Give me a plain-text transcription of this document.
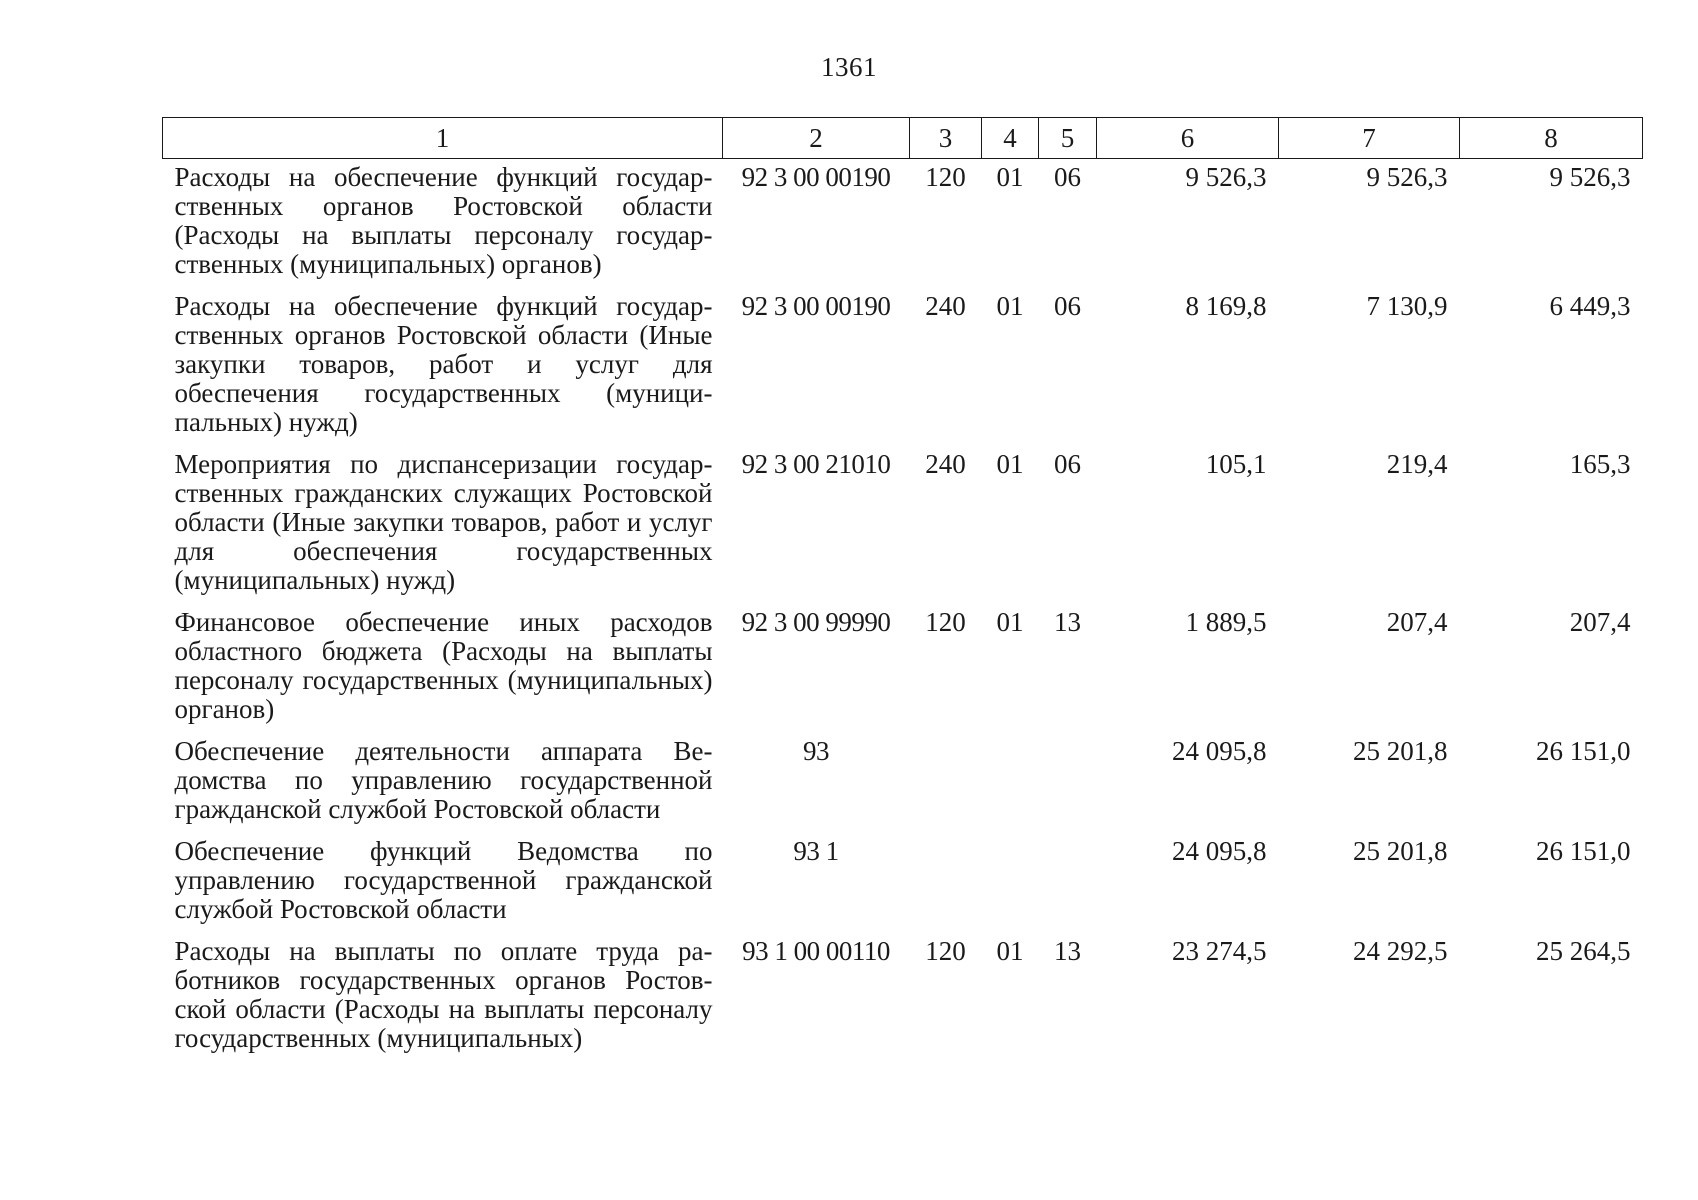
1361
1	2	3	4	5	6	7	8
Расходы на обеспечение функций государственных органов Ростовской области (Расходы на выплаты персоналу государственных (муниципальных) органов)	92 3 00 00190	120	01	06	9 526,3	9 526,3	9 526,3
Расходы на обеспечение функций государственных органов Ростовской области (Иные закупки товаров, работ и услуг для обеспечения государственных (муниципальных) нужд)	92 3 00 00190	240	01	06	8 169,8	7 130,9	6 449,3
Мероприятия по диспансеризации государственных гражданских служащих Ростовской области (Иные закупки товаров, работ и услуг для обеспечения государственных (муниципальных) нужд)	92 3 00 21010	240	01	06	105,1	219,4	165,3
Финансовое обеспечение иных расходов областного бюджета (Расходы на выплаты персоналу государственных (муниципальных) органов)	92 3 00 99990	120	01	13	1 889,5	207,4	207,4
Обеспечение деятельности аппарата Ведомства по управлению государственной гражданской службой Ростовской области	93				24 095,8	25 201,8	26 151,0
Обеспечение функций Ведомства по управлению государственной гражданской службой Ростовской области	93 1				24 095,8	25 201,8	26 151,0
Расходы на выплаты по оплате труда работников государственных органов Ростовской области (Расходы на выплаты персоналу государственных (муниципальных)	93 1 00 00110	120	01	13	23 274,5	24 292,5	25 264,5
